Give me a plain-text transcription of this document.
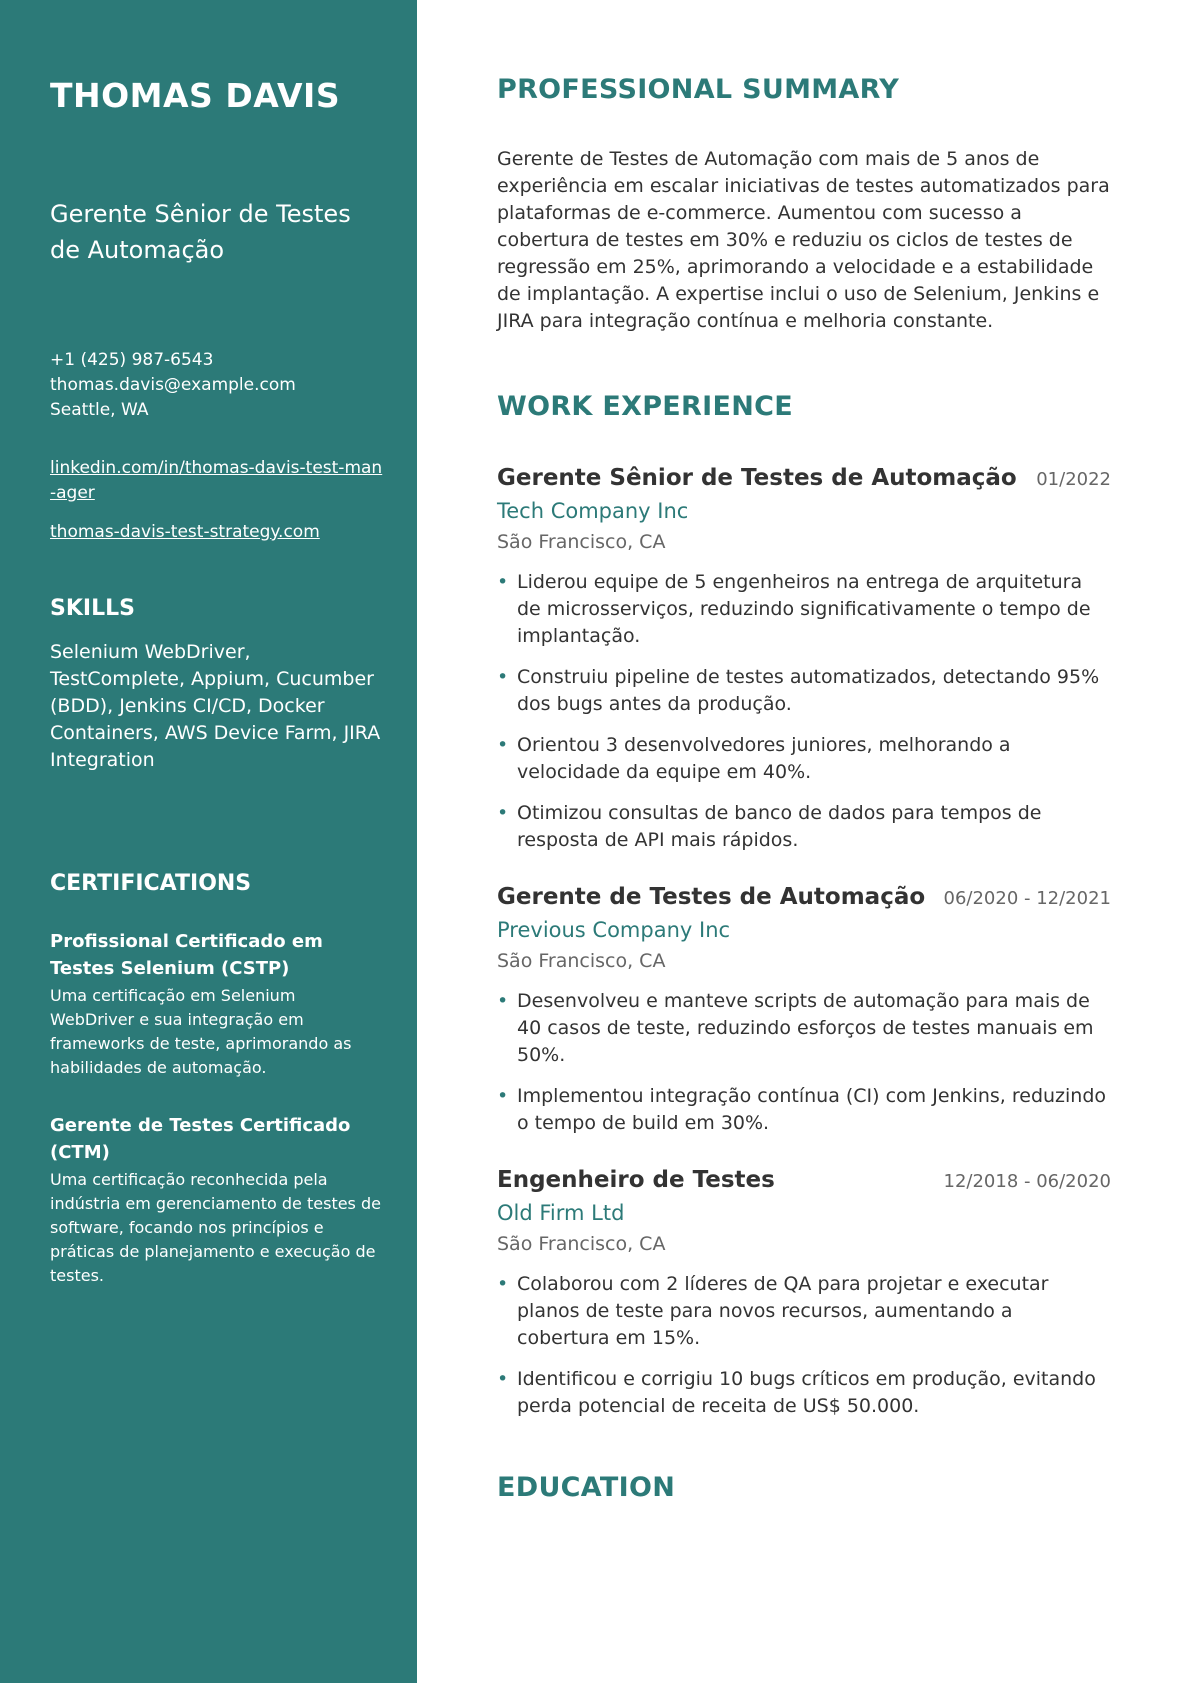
THOMAS DAVIS
Gerente Sênior de Testes de Automação
+1 (425) 987-6543
thomas.davis@example.com
Seattle, WA
linkedin.com/in/thomas-davis-test-man-ager
thomas-davis-test-strategy.com
SKILLS
Selenium WebDriver, TestComplete, Appium, Cucumber (BDD), Jenkins CI/CD, Docker Containers, AWS Device Farm, JIRA Integration
CERTIFICATIONS
Profissional Certificado em Testes Selenium (CSTP)
Uma certificação em Selenium WebDriver e sua integração em frameworks de teste, aprimorando as habilidades de automação.
Gerente de Testes Certificado (CTM)
Uma certificação reconhecida pela indústria em gerenciamento de testes de software, focando nos princípios e práticas de planejamento e execução de testes.
PROFESSIONAL SUMMARY

Gerente de Testes de Automação com mais de 5 anos de experiência em escalar iniciativas de testes automatizados para plataformas de e-commerce. Aumentou com sucesso a cobertura de testes em 30% e reduziu os ciclos de testes de regressão em 25%, aprimorando a velocidade e a estabilidade de implantação. A expertise inclui o uso de Selenium, Jenkins e JIRA para integração contínua e melhoria constante.

WORK EXPERIENCE
Gerente Sênior de Testes de Automação 01/2022
Tech Company Inc
São Francisco, CA
• Liderou equipe de 5 engenheiros na entrega de arquitetura de microsserviços, reduzindo significativamente o tempo de implantação.
• Construiu pipeline de testes automatizados, detectando 95% dos bugs antes da produção.
• Orientou 3 desenvolvedores juniores, melhorando a velocidade da equipe em 40%.
• Otimizou consultas de banco de dados para tempos de resposta de API mais rápidos.
Gerente de Testes de Automação 06/2020 - 12/2021
Previous Company Inc
São Francisco, CA
• Desenvolveu e manteve scripts de automação para mais de 40 casos de teste, reduzindo esforços de testes manuais em 50%.
• Implementou integração contínua (CI) com Jenkins, reduzindo o tempo de build em 30%.
Engenheiro de Testes	12/2018 - 06/2020
Old Firm Ltd
São Francisco, CA
• Colaborou com 2 líderes de QA para projetar e executar planos de teste para novos recursos, aumentando a cobertura em 15%.
• Identificou e corrigiu 10 bugs críticos em produção, evitando perda potencial de receita de US$ 50.000.
EDUCATION
